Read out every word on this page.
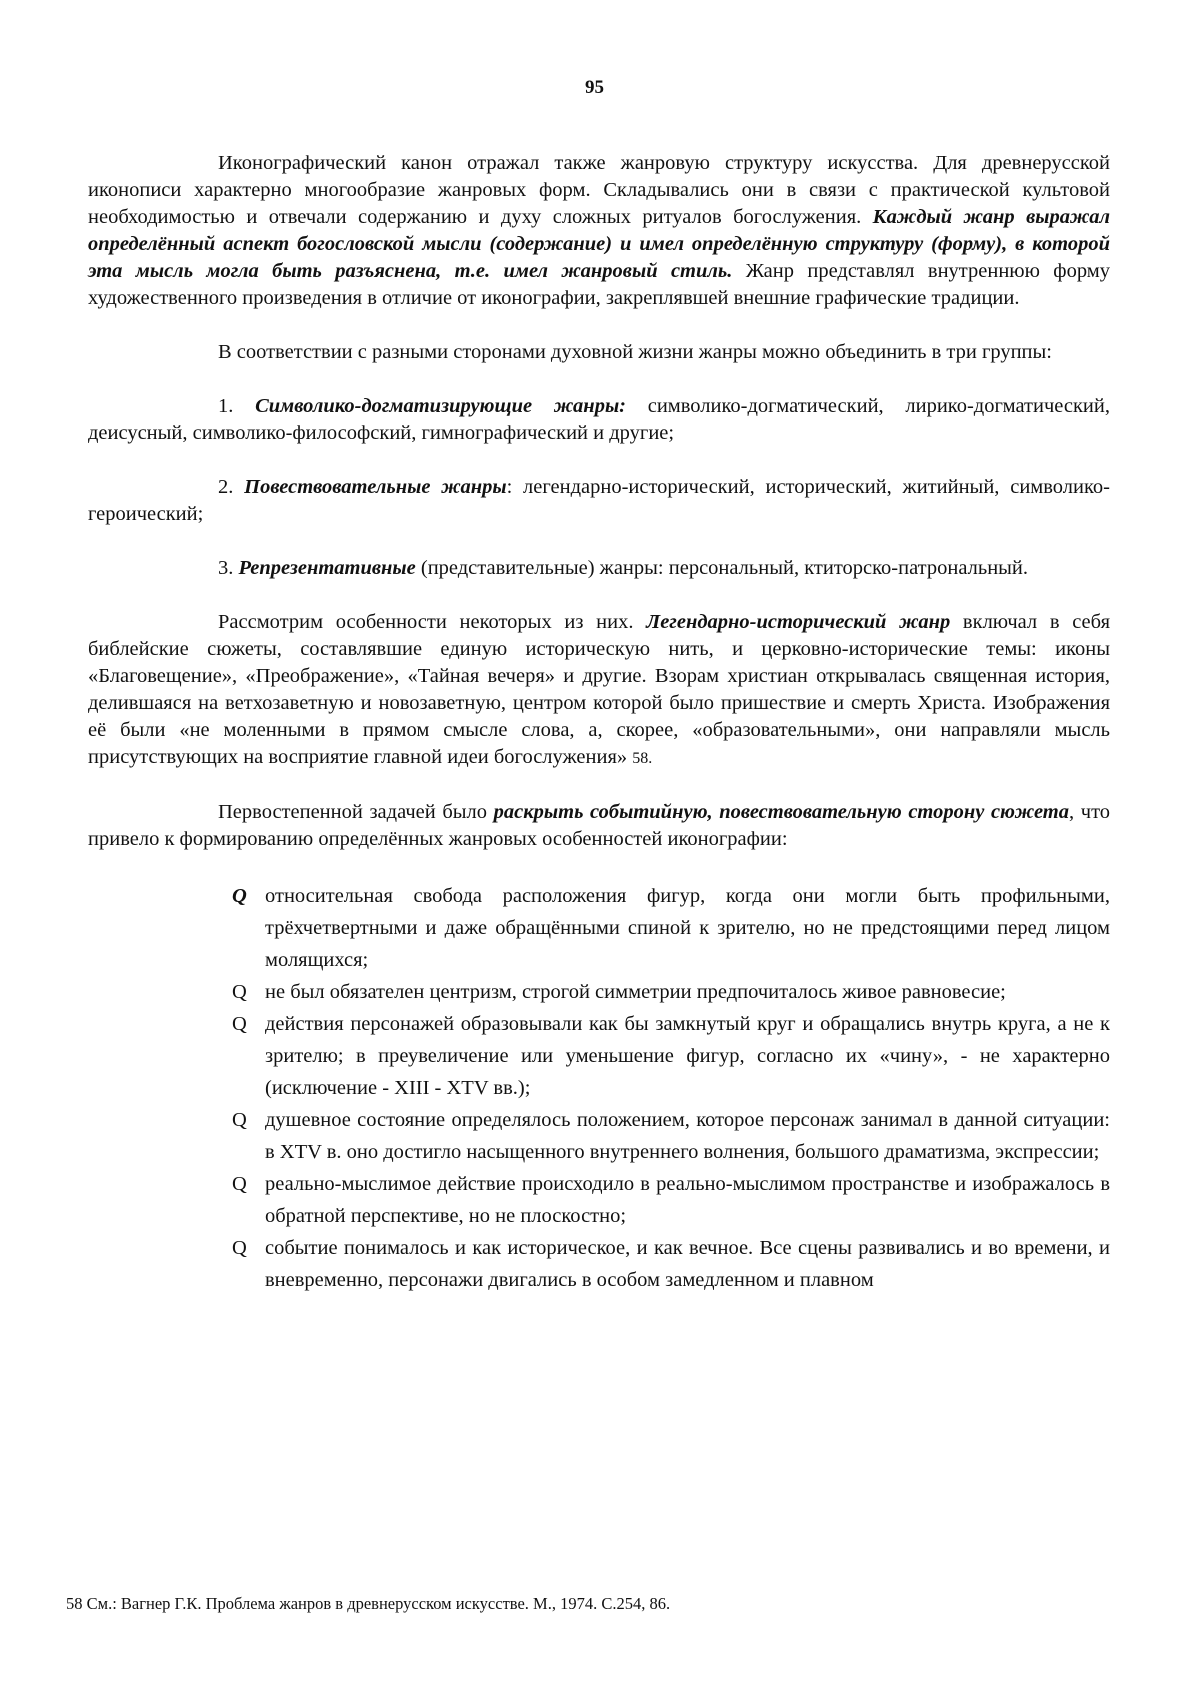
95

Иконографический канон отражал также жанровую структуру искусства. Для древнерусской иконописи характерно многообразие жанровых форм. Складывались они в связи с практической культовой необходимостью и отвечали содержанию и духу сложных ритуалов богослужения. Каждый жанр выражал определённый аспект богословской мысли (содержание) и имел определённую структуру (форму), в которой эта мысль могла быть разъяснена, т.е. имел жанровый стиль. Жанр представлял внутреннюю форму художественного произведения в отличие от иконографии, закреплявшей внешние графические традиции.

В соответствии с разными сторонами духовной жизни жанры можно объединить в три группы:

1. Символико-догматизирующие жанры: символико-догматический, лирико-догматический, деисусный, символико-философский, гимнографический и другие;

2. Повествовательные жанры: легендарно-исторический, исторический, житийный, символико-героический;

3. Репрезентативные (представительные) жанры: персональный, ктиторско-патрональный.

Рассмотрим особенности некоторых из них. Легендарно-исторический жанр включал в себя библейские сюжеты, составлявшие единую историческую нить, и церковно-исторические темы: иконы «Благовещение», «Преображение», «Тайная вечеря» и другие. Взорам христиан открывалась священная история, делившаяся на ветхозаветную и новозаветную, центром которой было пришествие и смерть Христа. Изображения её были «не моленными в прямом смысле слова, а, скорее, «образовательными», они направляли мысль присутствующих на восприятие главной идеи богослужения» 58.

Первостепенной задачей было раскрыть событийную, повествовательную сторону сюжета, что привело к формированию определённых жанровых особенностей иконографии:

Q относительная свобода расположения фигур, когда они могли быть профильными, трёхчетвертными и даже обращёнными спиной к зрителю, но не предстоящими перед лицом молящихся;
Q не был обязателен центризм, строгой симметрии предпочиталось живое равновесие;
Q действия персонажей образовывали как бы замкнутый круг и обращались внутрь круга, а не к зрителю; в преувеличение или уменьшение фигур, согласно их «чину», - не характерно (исключение - XIII - XTV вв.);
Q душевное состояние определялось положением, которое персонаж занимал в данной ситуации: в XTV в. оно достигло насыщенного внутреннего волнения, большого драматизма, экспрессии;
Q реально-мыслимое действие происходило в реально-мыслимом пространстве и изображалось в обратной перспективе, но не плоскостно;
Q событие понималось и как историческое, и как вечное. Все сцены развивались и во времени, и вневременно, персонажи двигались в особом замедленном и плавном
58 См.: Вагнер Г.К. Проблема жанров в древнерусском искусстве. М., 1974. С.254, 86.
